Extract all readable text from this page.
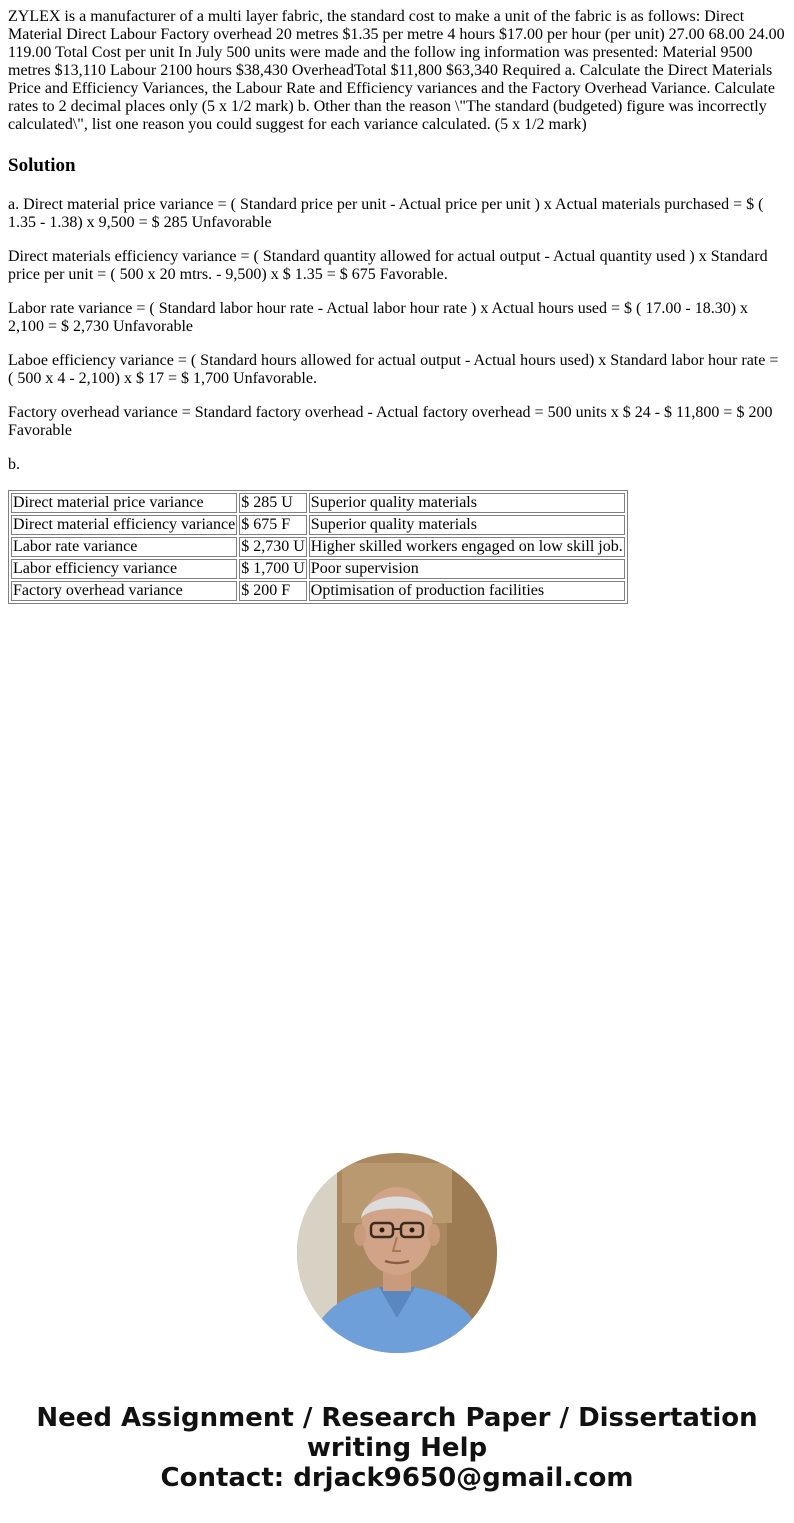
ZYLEX is a manufacturer of a multi layer fabric, the standard cost to make a unit of the fabric is as follows: Direct Material Direct Labour Factory overhead 20 metres $1.35 per metre 4 hours $17.00 per hour (per unit) 27.00 68.00 24.00 119.00 Total Cost per unit In July 500 units were made and the follow ing information was presented: Material 9500 metres $13,110 Labour 2100 hours $38,430 OverheadTotal $11,800 $63,340 Required a. Calculate the Direct Materials Price and Efficiency Variances, the Labour Rate and Efficiency variances and the Factory Overhead Variance. Calculate rates to 2 decimal places only (5 x 1/2 mark) b. Other than the reason \"The standard (budgeted) figure was incorrectly calculated\", list one reason you could suggest for each variance calculated. (5 x 1/2 mark)

Solution

a. Direct material price variance = ( Standard price per unit - Actual price per unit ) x Actual materials purchased = $ ( 1.35 - 1.38) x 9,500 = $ 285 Unfavorable

Direct materials efficiency variance = ( Standard quantity allowed for actual output - Actual quantity used ) x Standard price per unit = ( 500 x 20 mtrs. - 9,500) x $ 1.35 = $ 675 Favorable.

Labor rate variance = ( Standard labor hour rate - Actual labor hour rate ) x Actual hours used = $ ( 17.00 - 18.30) x 2,100 = $ 2,730 Unfavorable

Laboe efficiency variance = ( Standard hours allowed for actual output - Actual hours used) x Standard labor hour rate = ( 500 x 4 - 2,100) x $ 17 = $ 1,700 Unfavorable.

Factory overhead variance = Standard factory overhead - Actual factory overhead = 500 units x $ 24 - $ 11,800 = $ 200 Favorable

b.

Direct material price variance	$ 285 U	Superior quality materials
Direct material efficiency variance	$ 675 F	Superior quality materials
Labor rate variance	$ 2,730 U	Higher skilled workers engaged on low skill job.
Labor efficiency variance	$ 1,700 U	Poor supervision
Factory overhead variance	$ 200 F	Optimisation of production facilities
Need Assignment / Research Paper / Dissertation
writing Help
Contact: drjack9650@gmail.com
